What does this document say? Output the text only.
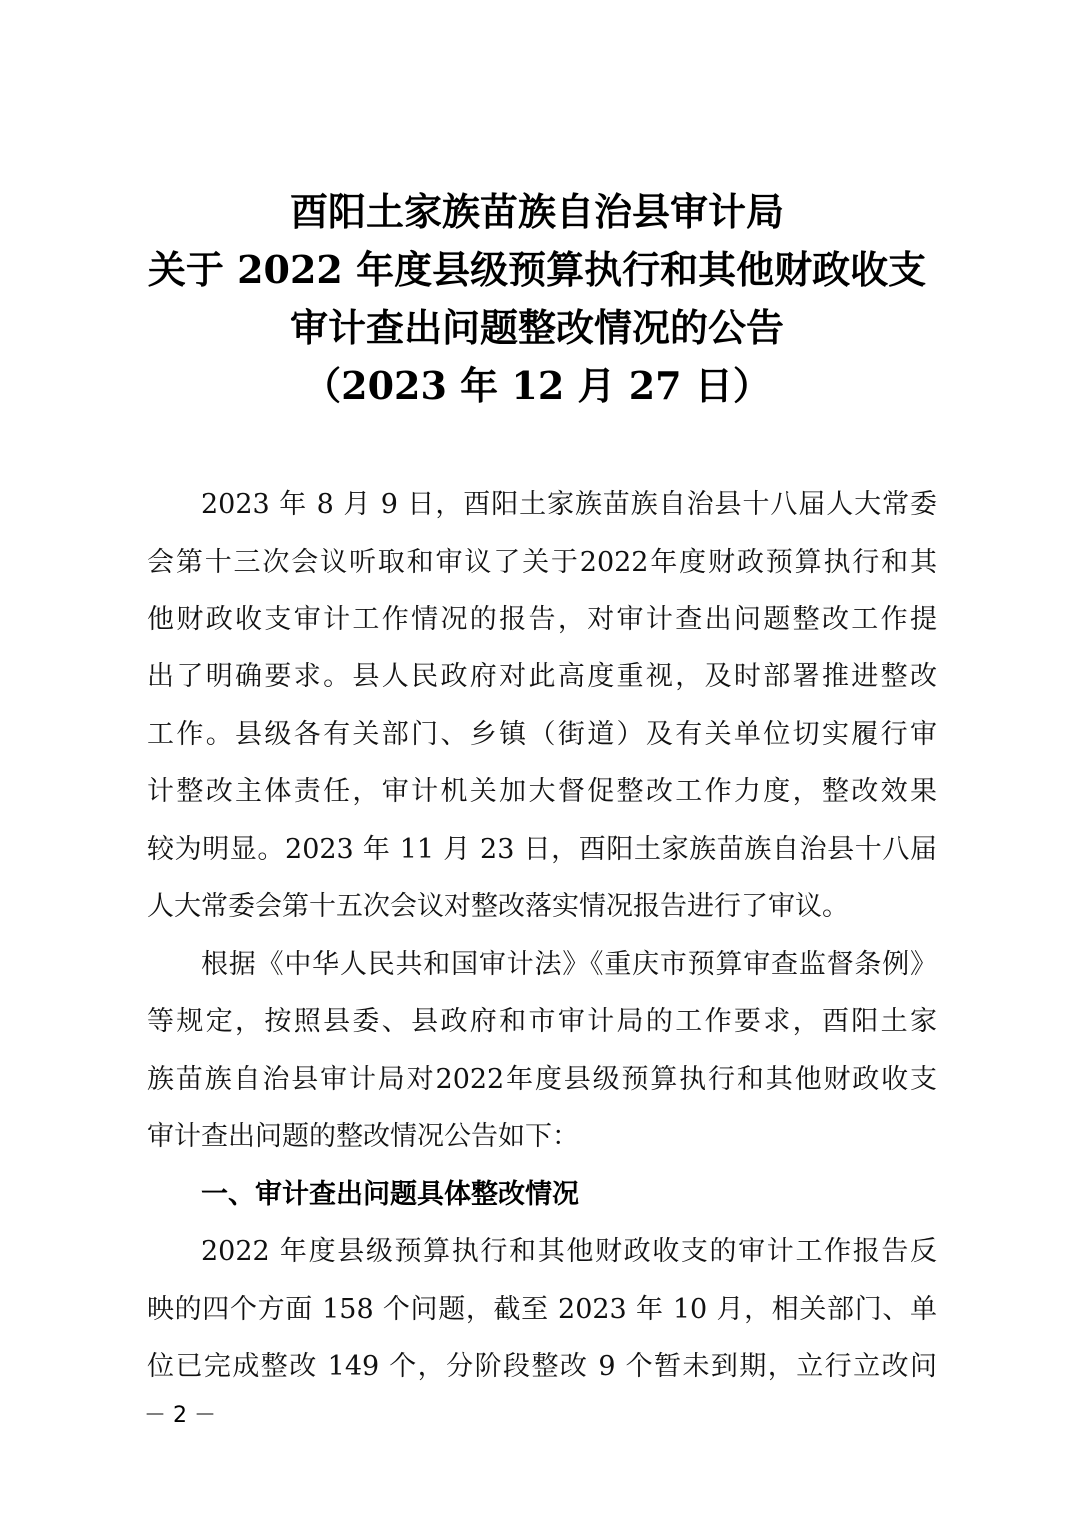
酉阳土家族苗族自治县审计局
关于 2022 年度县级预算执行和其他财政收支
审计查出问题整改情况的公告
（2023 年 12 月 27 日）
2023 年 8 月 9 日，酉阳土家族苗族自治县十八届人大常委
会第十三次会议听取和审议了关于2022年度财政预算执行和其
他财政收支审计工作情况的报告，对审计查出问题整改工作提
出了明确要求。县人民政府对此高度重视，及时部署推进整改
工作。县级各有关部门、乡镇（街道）及有关单位切实履行审
计整改主体责任，审计机关加大督促整改工作力度，整改效果
较为明显。2023 年 11 月 23 日，酉阳土家族苗族自治县十八届
人大常委会第十五次会议对整改落实情况报告进行了审议。
根据《中华人民共和国审计法》《重庆市预算审查监督条例》
等规定，按照县委、县政府和市审计局的工作要求，酉阳土家
族苗族自治县审计局对2022年度县级预算执行和其他财政收支
审计查出问题的整改情况公告如下：
一、审计查出问题具体整改情况
2022 年度县级预算执行和其他财政收支的审计工作报告反
映的四个方面 158 个问题，截至 2023 年 10 月，相关部门、单
位已完成整改 149 个，分阶段整改 9 个暂未到期，立行立改问
－ 2 －
